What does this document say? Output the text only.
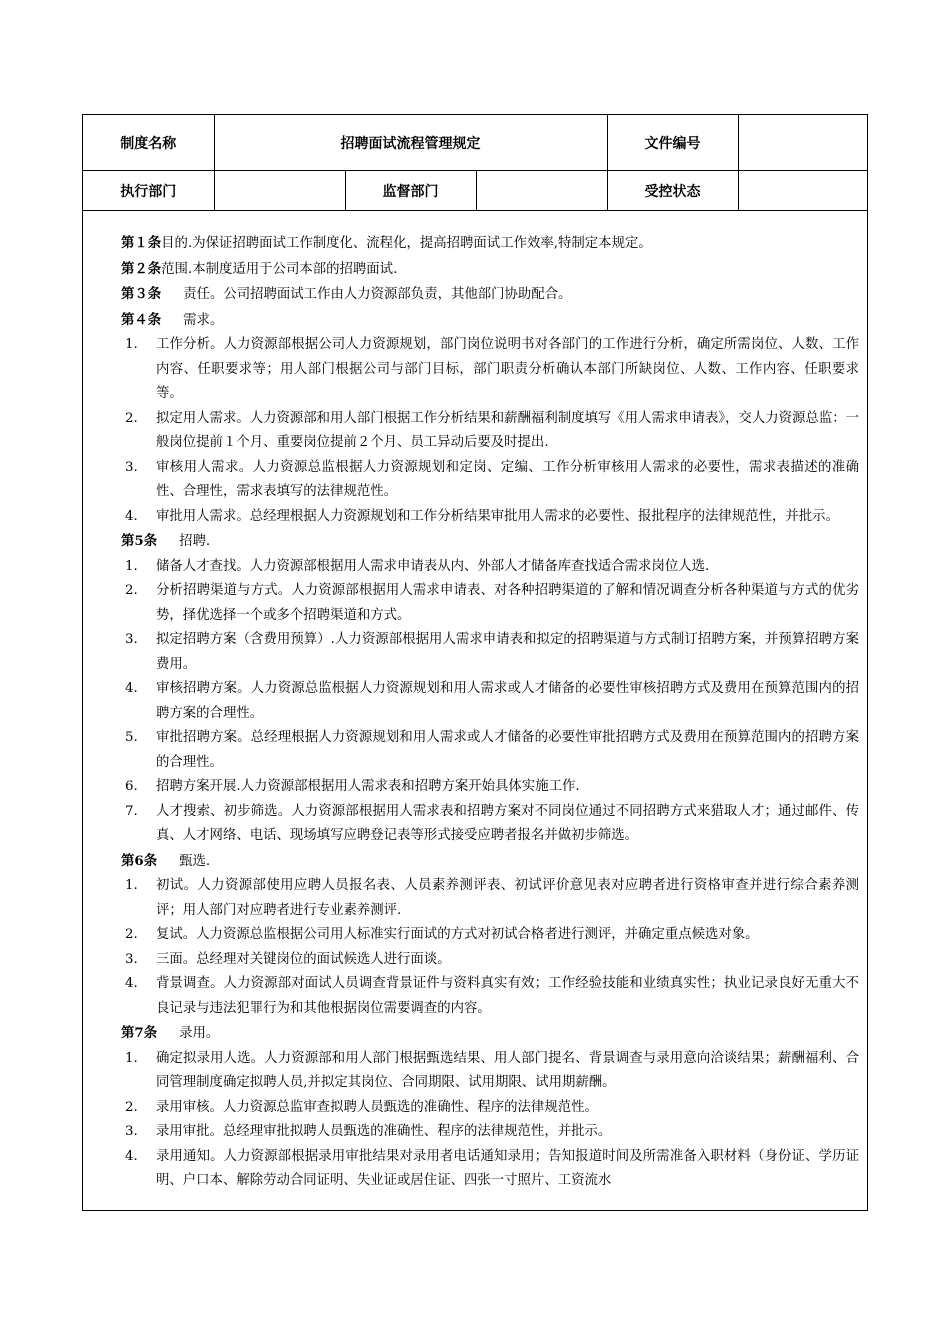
制度名称	招聘面试流程管理规定			文件编号	
执行部门		监督部门		受控状态	

第１条目的.为保证招聘面试工作制度化、流程化，提高招聘面试工作效率,特制定本规定。

第２条范围.本制度适用于公司本部的招聘面试.

第３条 责任。公司招聘面试工作由人力资源部负责，其他部门协助配合。

第４条 需求。

1. 工作分析。人力资源部根据公司人力资源规划，部门岗位说明书对各部门的工作进行分析，确定所需岗位、人数、工作内容、任职要求等；用人部门根据公司与部门目标，部门职责分析确认本部门所缺岗位、人数、工作内容、任职要求等。
2. 拟定用人需求。人力资源部和用人部门根据工作分析结果和薪酬福利制度填写《用人需求申请表》，交人力资源总监：一般岗位提前１个月、重要岗位提前２个月、员工异动后要及时提出.
3. 审核用人需求。人力资源总监根据人力资源规划和定岗、定编、工作分析审核用人需求的必要性，需求表描述的准确性、合理性，需求表填写的法律规范性。
4. 审批用人需求。总经理根据人力资源规划和工作分析结果审批用人需求的必要性、报批程序的法律规范性，并批示。

第5条 招聘.

1. 储备人才查找。人力资源部根据用人需求申请表从内、外部人才储备库查找适合需求岗位人选.
2. 分析招聘渠道与方式。人力资源部根据用人需求申请表、对各种招聘渠道的了解和情况调查分析各种渠道与方式的优劣势，择优选择一个或多个招聘渠道和方式。
3. 拟定招聘方案（含费用预算）.人力资源部根据用人需求申请表和拟定的招聘渠道与方式制订招聘方案，并预算招聘方案费用。
4. 审核招聘方案。人力资源总监根据人力资源规划和用人需求或人才储备的必要性审核招聘方式及费用在预算范围内的招聘方案的合理性。
5. 审批招聘方案。总经理根据人力资源规划和用人需求或人才储备的必要性审批招聘方式及费用在预算范围内的招聘方案的合理性。
6. 招聘方案开展.人力资源部根据用人需求表和招聘方案开始具体实施工作.
7. 人才搜索、初步筛选。人力资源部根据用人需求表和招聘方案对不同岗位通过不同招聘方式来猎取人才；通过邮件、传真、人才网络、电话、现场填写应聘登记表等形式接受应聘者报名并做初步筛选。

第6条 甄选.

1. 初试。人力资源部使用应聘人员报名表、人员素养测评表、初试评价意见表对应聘者进行资格审查并进行综合素养测评；用人部门对应聘者进行专业素养测评.
2. 复试。人力资源总监根据公司用人标准实行面试的方式对初试合格者进行测评，并确定重点候选对象。
3. 三面。总经理对关键岗位的面试候选人进行面谈。
4. 背景调查。人力资源部对面试人员调查背景证件与资料真实有效；工作经验技能和业绩真实性；执业记录良好无重大不良记录与违法犯罪行为和其他根据岗位需要调查的内容。

第7条 录用。

1. 确定拟录用人选。人力资源部和用人部门根据甄选结果、用人部门提名、背景调查与录用意向洽谈结果；薪酬福利、合同管理制度确定拟聘人员,并拟定其岗位、合同期限、试用期限、试用期薪酬。
2. 录用审核。人力资源总监审查拟聘人员甄选的准确性、程序的法律规范性。
3. 录用审批。总经理审批拟聘人员甄选的准确性、程序的法律规范性，并批示。
4. 录用通知。人力资源部根据录用审批结果对录用者电话通知录用；告知报道时间及所需准备入职材料（身份证、学历证明、户口本、解除劳动合同证明、失业证或居住证、四张一寸照片、工资流水
